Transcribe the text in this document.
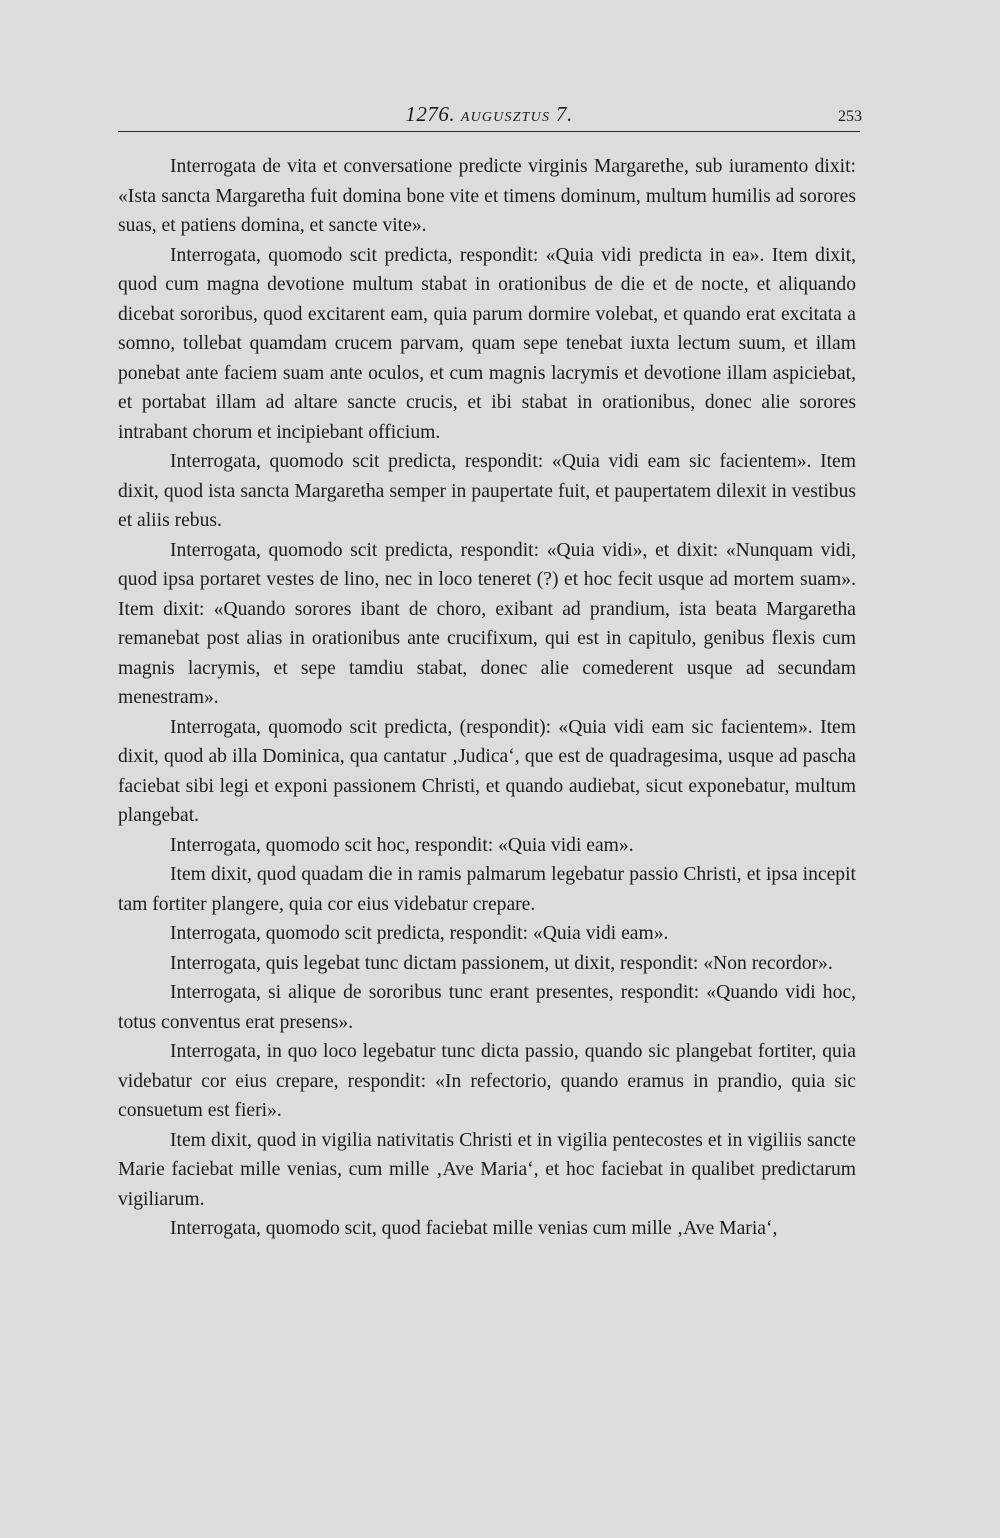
1276. AUGUSZTUS 7.	253

Interrogata de vita et conversatione predicte virginis Margarethe, sub iuramento dixit: «Ista sancta Margaretha fuit domina bone vite et timens dominum, multum humilis ad sorores suas, et patiens domina, et sancte vite».

Interrogata, quomodo scit predicta, respondit: «Quia vidi predicta in ea». Item dixit, quod cum magna devotione multum stabat in orationibus de die et de nocte, et aliquando dicebat sororibus, quod excitarent eam, quia parum dormire volebat, et quando erat excitata a somno, tollebat quamdam crucem parvam, quam sepe tenebat iuxta lectum suum, et illam ponebat ante faciem suam ante oculos, et cum magnis lacrymis et devotione illam aspiciebat, et portabat illam ad altare sancte crucis, et ibi stabat in orationibus, donec alie sorores intrabant chorum et incipiebant officium.

Interrogata, quomodo scit predicta, respondit: «Quia vidi eam sic facientem». Item dixit, quod ista sancta Margaretha semper in paupertate fuit, et paupertatem dilexit in vestibus et aliis rebus.

Interrogata, quomodo scit predicta, respondit: «Quia vidi», et dixit: «Nunquam vidi, quod ipsa portaret vestes de lino, nec in loco teneret (?) et hoc fecit usque ad mortem suam». Item dixit: «Quando sorores ibant de choro, exibant ad prandium, ista beata Margaretha remanebat post alias in orationibus ante crucifixum, qui est in capitulo, genibus flexis cum magnis lacrymis, et sepe tamdiu stabat, donec alie comederent usque ad secundam menestram».

Interrogata, quomodo scit predicta, (respondit): «Quia vidi eam sic facientem». Item dixit, quod ab illa Dominica, qua cantatur ‚Judica‘, que est de quadragesima, usque ad pascha faciebat sibi legi et exponi passionem Christi, et quando audiebat, sicut exponebatur, multum plangebat.

Interrogata, quomodo scit hoc, respondit: «Quia vidi eam».

Item dixit, quod quadam die in ramis palmarum legebatur passio Christi, et ipsa incepit tam fortiter plangere, quia cor eius videbatur crepare.

Interrogata, quomodo scit predicta, respondit: «Quia vidi eam».

Interrogata, quis legebat tunc dictam passionem, ut dixit, respondit: «Non recordor».

Interrogata, si alique de sororibus tunc erant presentes, respondit: «Quando vidi hoc, totus conventus erat presens».

Interrogata, in quo loco legebatur tunc dicta passio, quando sic plangebat fortiter, quia videbatur cor eius crepare, respondit: «In refectorio, quando eramus in prandio, quia sic consuetum est fieri».

Item dixit, quod in vigilia nativitatis Christi et in vigilia pentecostes et in vigiliis sancte Marie faciebat mille venias, cum mille ‚Ave Maria‘, et hoc faciebat in qualibet predictarum vigiliarum.

Interrogata, quomodo scit, quod faciebat mille venias cum mille ‚Ave Maria‘,
